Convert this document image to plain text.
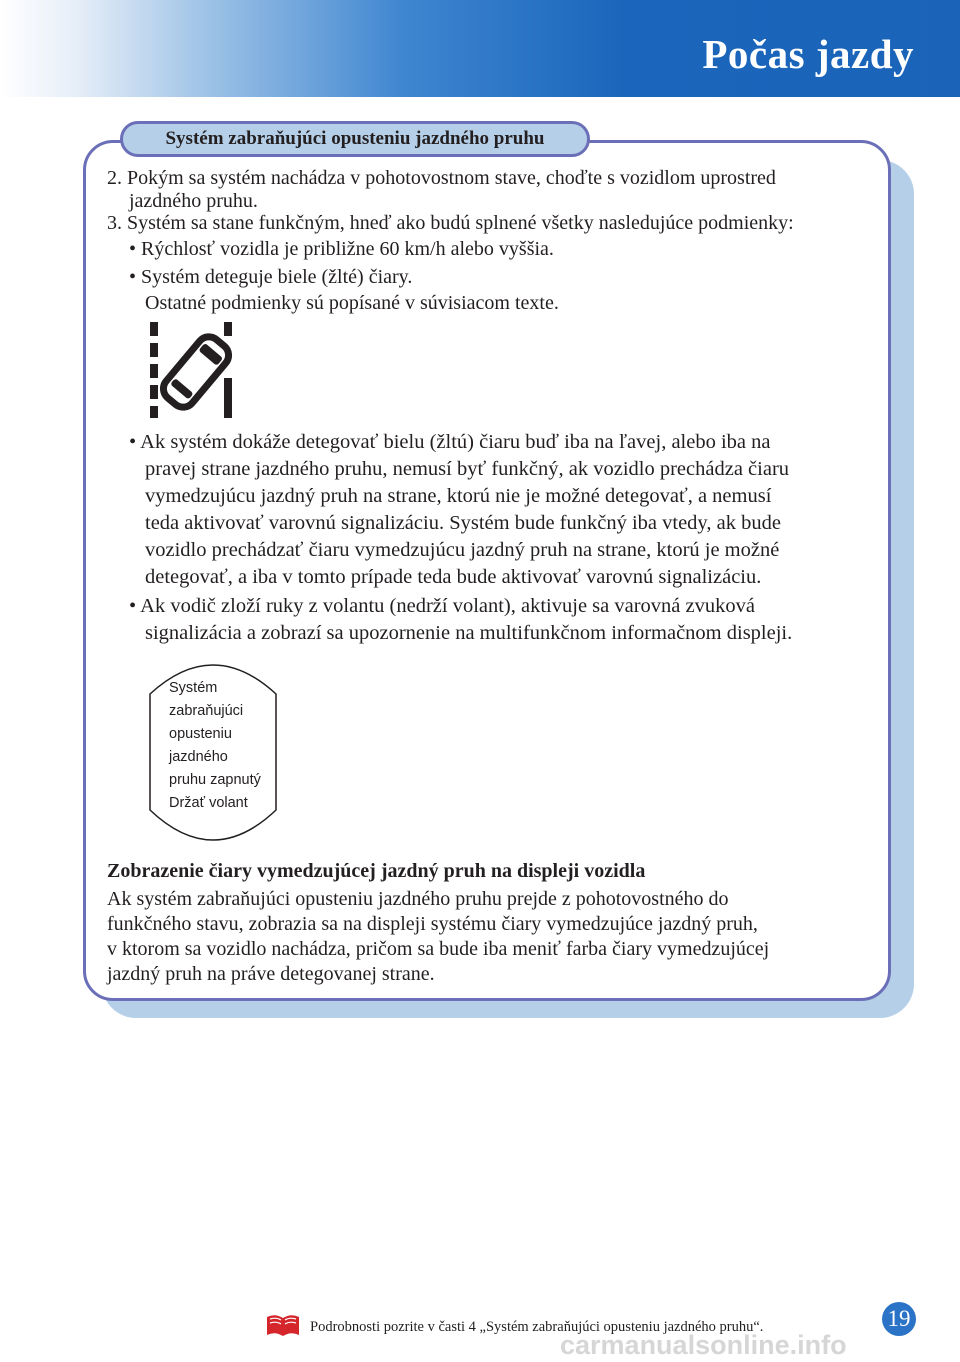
Počas jazdy
Systém zabraňujúci opusteniu jazdného pruhu
2. Pokým sa systém nachádza v pohotovostnom stave, choďte s vozidlom uprostred
jazdného pruhu.
3. Systém sa stane funkčným, hneď ako budú splnené všetky nasledujúce podmienky:
• Rýchlosť vozidla je približne 60 km/h alebo vyššia.
• Systém deteguje biele (žlté) čiary.
Ostatné podmienky sú popísané v súvisiacom texte.
• Ak systém dokáže detegovať bielu (žltú) čiaru buď iba na ľavej, alebo iba na
pravej strane jazdného pruhu, nemusí byť funkčný, ak vozidlo prechádza čiaru
vymedzujúcu jazdný pruh na strane, ktorú nie je možné detegovať, a nemusí
teda aktivovať varovnú signalizáciu. Systém bude funkčný iba vtedy, ak bude
vozidlo prechádzať čiaru vymedzujúcu jazdný pruh na strane, ktorú je možné
detegovať, a iba v tomto prípade teda bude aktivovať varovnú signalizáciu.
• Ak vodič zloží ruky z volantu (nedrží volant), aktivuje sa varovná zvuková
signalizácia a zobrazí sa upozornenie na multifunkčnom informačnom displeji.
Systém
zabraňujúci
opusteniu
jazdného
pruhu zapnutý
Držať volant
Zobrazenie čiary vymedzujúcej jazdný pruh na displeji vozidla
Ak systém zabraňujúci opusteniu jazdného pruhu prejde z pohotovostného do
funkčného stavu, zobrazia sa na displeji systému čiary vymedzujúce jazdný pruh,
v ktorom sa vozidlo nachádza, pričom sa bude iba meniť farba čiary vymedzujúcej
jazdný pruh na práve detegovanej strane.
Podrobnosti pozrite v časti 4 „Systém zabraňujúci opusteniu jazdného pruhu“.	19
carmanualsonline.info
